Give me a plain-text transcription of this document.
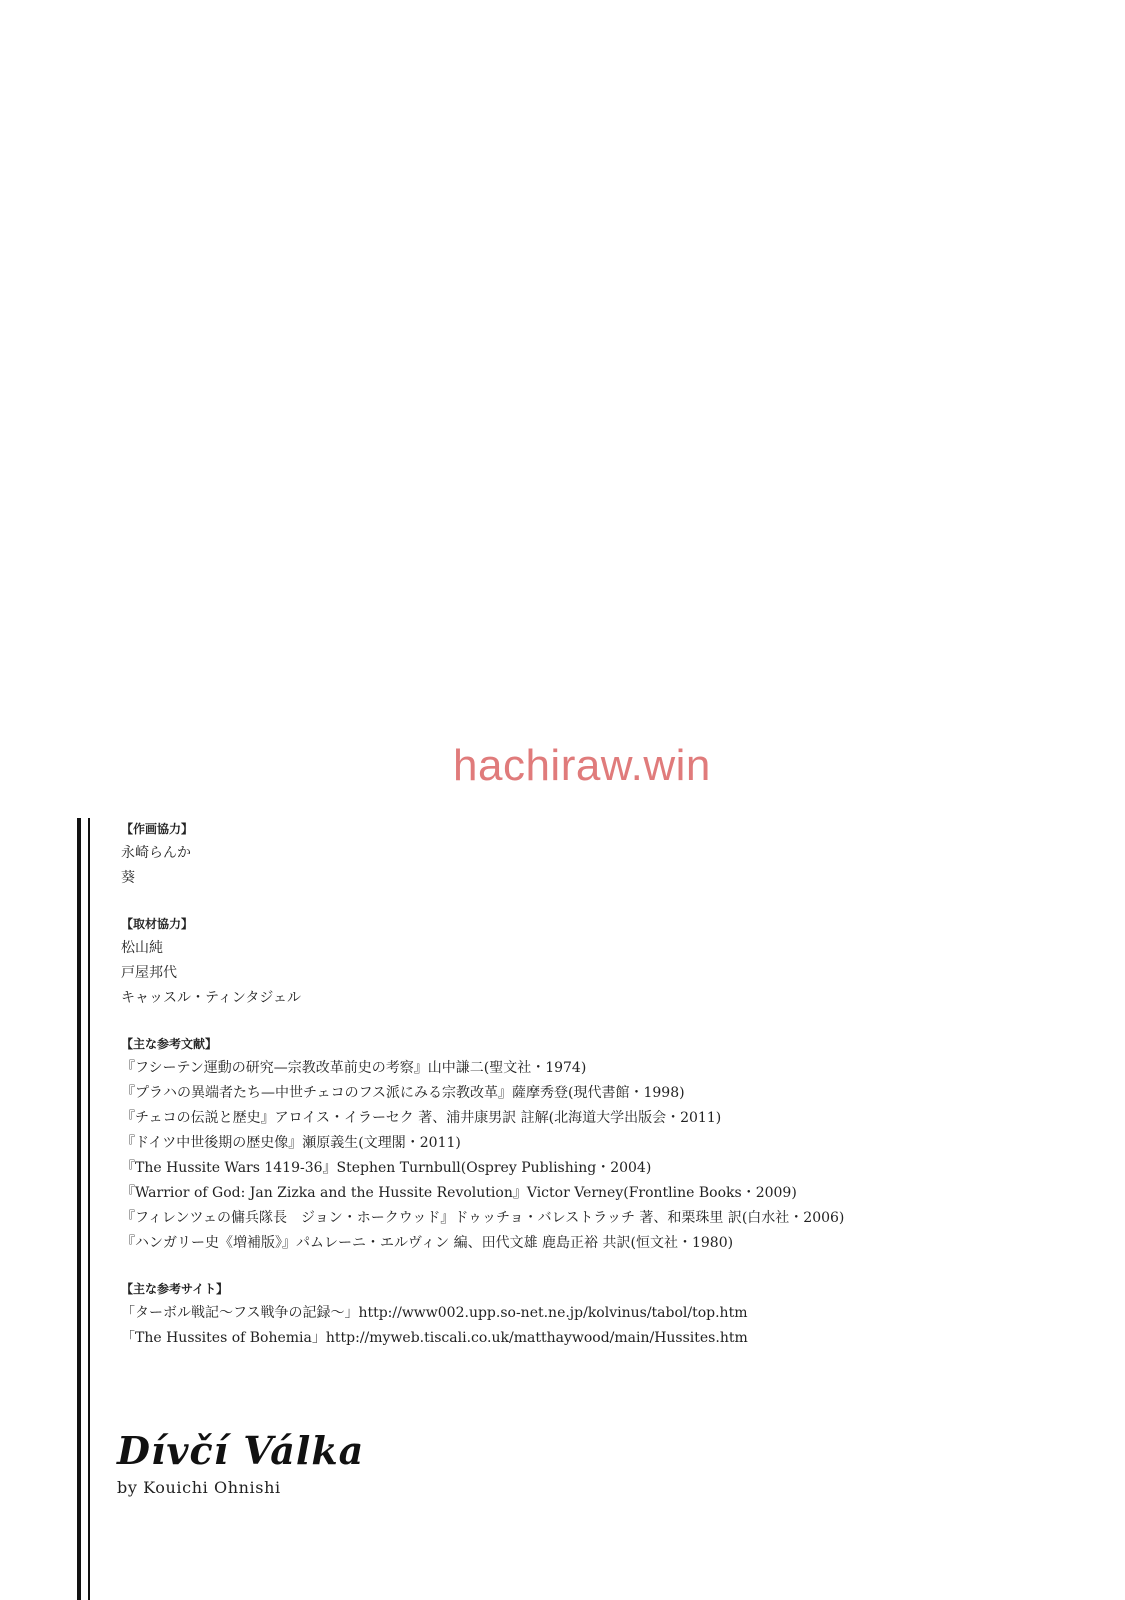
hachiraw.win
【作画協力】
永崎らんか
葵
【取材協力】
松山純
戸屋邦代
キャッスル・ティンタジェル
【主な参考文献】
『フシーテン運動の研究—宗教改革前史の考察』山中謙二(聖文社・1974)
『プラハの異端者たち—中世チェコのフス派にみる宗教改革』薩摩秀登(現代書館・1998)
『チェコの伝説と歴史』アロイス・イラーセク 著、浦井康男訳 註解(北海道大学出版会・2011)
『ドイツ中世後期の歴史像』瀬原義生(文理閣・2011)
『The Hussite Wars 1419-36』Stephen Turnbull(Osprey Publishing・2004)
『Warrior of God: Jan Zizka and the Hussite Revolution』Victor Verney(Frontline Books・2009)
『フィレンツェの傭兵隊長　ジョン・ホークウッド』ドゥッチョ・バレストラッチ 著、和栗珠里 訳(白水社・2006)
『ハンガリー史《増補版》』パムレーニ・エルヴィン 編、田代文雄 鹿島正裕 共訳(恒文社・1980)
【主な参考サイト】
「ターボル戦記〜フス戦争の記録〜」http://www002.upp.so-net.ne.jp/kolvinus/tabol/top.htm
「The Hussites of Bohemia」http://myweb.tiscali.co.uk/matthaywood/main/Hussites.htm
Dívčí Válka
by Kouichi Ohnishi
